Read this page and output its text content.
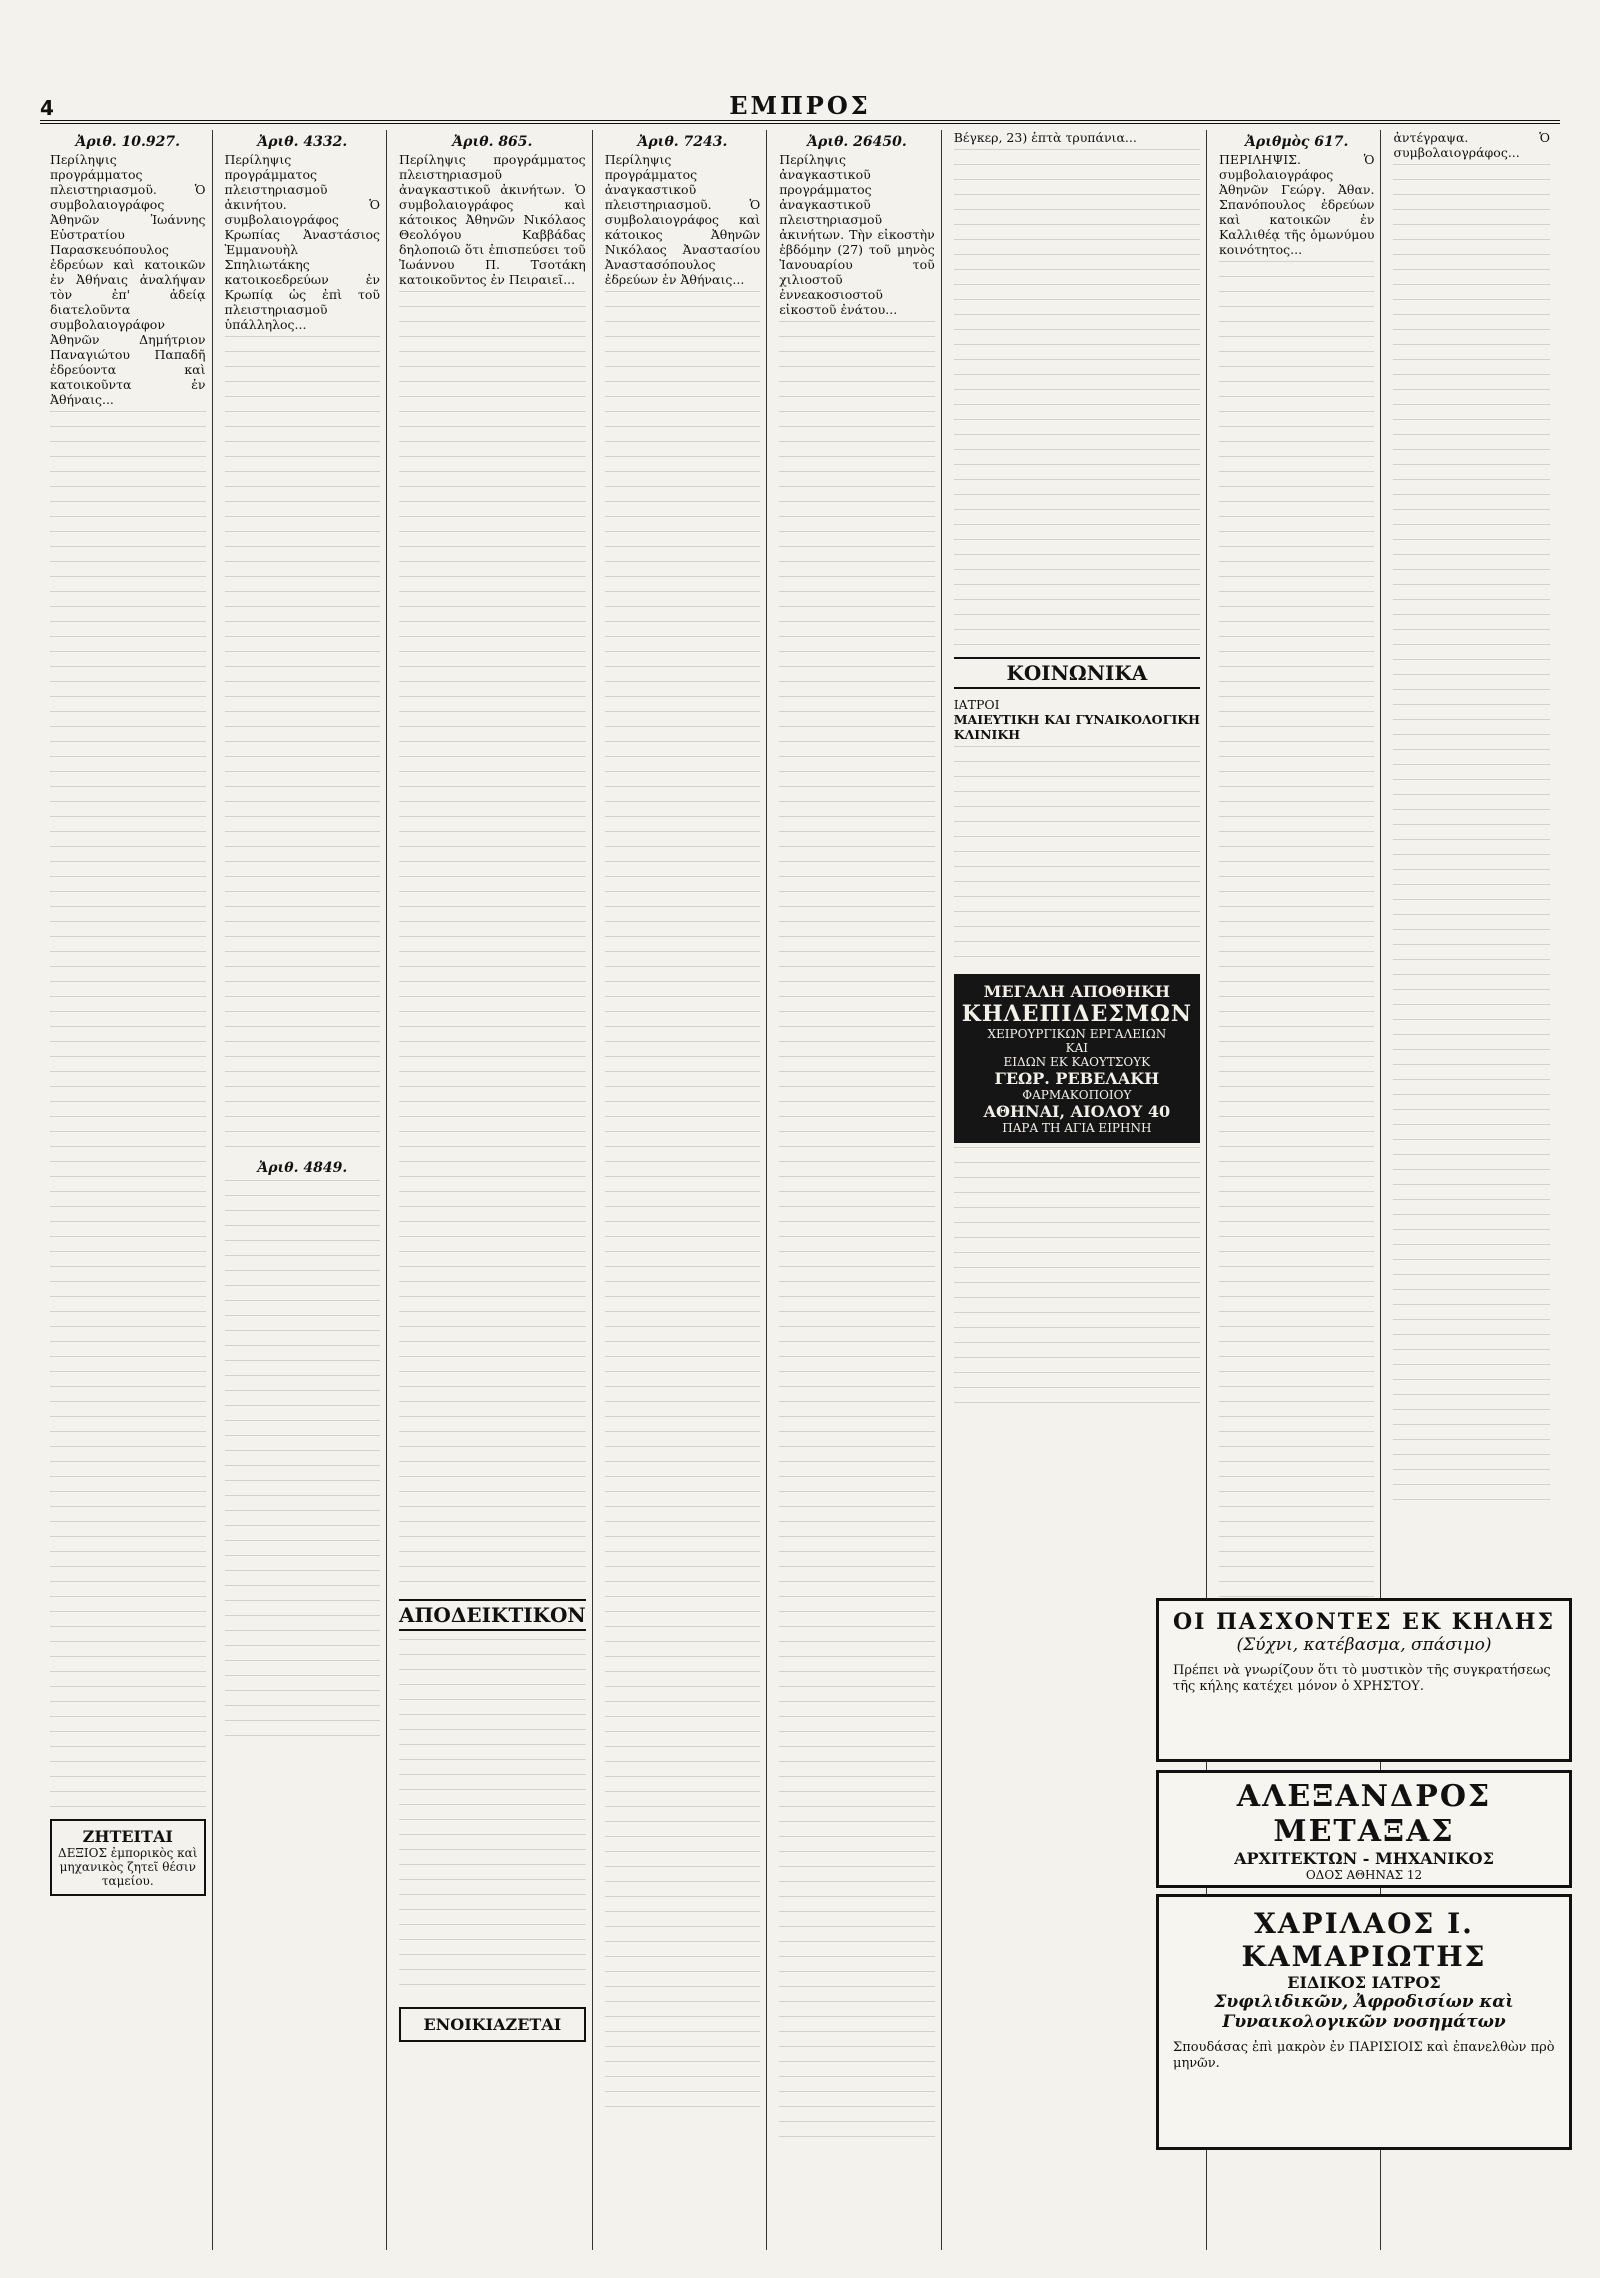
4	ΕΜΠΡΟΣ
Ἀριθ. 10.927.
Περίληψις προγράμματος πλειστηριασμοῦ. Ὁ συμβολαιογράφος Ἀθηνῶν Ἰωάννης Εὐστρατίου Παρασκευόπουλος ἐδρεύων καὶ κατοικῶν ἐν Ἀθήναις ἀναλήψαν τὸν ἐπ' ἀδείᾳ διατελοῦντα συμβολαιογράφον Ἀθηνῶν Δημήτριον Παναγιώτου Παπαδῆ ἐδρεύοντα καὶ κατοικοῦντα ἐν Ἀθήναις...
ΖΗΤΕΙΤΑΙ
ΔΕΞΙΟΣ ἐμπορικὸς καὶ μηχανικὸς ζητεῖ θέσιν ταμείου.
Ἀριθ. 4332.
Περίληψις προγράμματος πλειστηριασμοῦ ἀκινήτου. Ὁ συμβολαιογράφος Κρωπίας Ἀναστάσιος Ἐμμανουὴλ Σπηλιωτάκης κατοικοεδρεύων ἐν Κρωπίᾳ ὡς ἐπὶ τοῦ πλειστηριασμοῦ ὑπάλληλος...
Ἀριθ. 4849.
Ἀριθ. 865.
Περίληψις προγράμματος πλειστηριασμοῦ ἀναγκαστικοῦ ἀκινήτων. Ὁ συμβολαιογράφος καὶ κάτοικος Ἀθηνῶν Νικόλαος Θεολόγου Καββάδας δηλοποιῶ ὅτι ἐπισπεύσει τοῦ Ἰωάννου Π. Τσοτάκη κατοικοῦντος ἐν Πειραιεῖ...
ΑΠΟΔΕΙΚΤΙΚΟΝ
ΕΝΟΙΚΙΑΖΕΤΑΙ
Ἀριθ. 7243.
Περίληψις προγράμματος ἀναγκαστικοῦ πλειστηριασμοῦ. Ὁ συμβολαιογράφος καὶ κάτοικος Ἀθηνῶν Νικόλαος Ἀναστασίου Ἀναστασόπουλος ἐδρεύων ἐν Ἀθήναις...
Ἀριθ. 26450.
Περίληψις ἀναγκαστικοῦ προγράμματος ἀναγκαστικοῦ πλειστηριασμοῦ ἀκινήτων. Τὴν εἰκοστὴν ἑβδόμην (27) τοῦ μηνὸς Ἰανουαρίου τοῦ χιλιοστοῦ ἐννεακοσιοστοῦ εἰκοστοῦ ἐνάτου...
Βέγκερ, 23) ἑπτὰ τρυπάνια...
ΚΟΙΝΩΝΙΚΑ
ΙΑΤΡΟΙ
ΜΑΙΕΥΤΙΚΗ ΚΑΙ ΓΥΝΑΙΚΟΛΟΓΙΚΗ ΚΛΙΝΙΚΗ
ΜΕΓΑΛΗ ΑΠΟΘΗΚΗ
ΚΗΛΕΠΙΔΕΣΜΩΝ
ΧΕΙΡΟΥΡΓΙΚΩΝ ΕΡΓΑΛΕΙΩΝ
ΚΑΙ
ΕΙΔΩΝ ΕΚ ΚΑΟΥΤΣΟΥΚ
ΓΕΩΡ. ΡΕΒΕΛΑΚΗ
ΦΑΡΜΑΚΟΠΟΙΟΥ
ΑΘΗΝΑΙ, ΑΙΟΛΟΥ 40
ΠΑΡΑ ΤΗ ΑΓΙΑ ΕΙΡΗΝΗ
Ἀριθμὸς 617.
ΠΕΡΙΛΗΨΙΣ. Ὁ συμβολαιογράφος Ἀθηνῶν Γεώργ. Ἀθαν. Σπανόπουλος ἐδρεύων καὶ κατοικῶν ἐν Καλλιθέᾳ τῆς ὁμωνύμου κοινότητος...
ἀντέγραψα. Ὁ συμβολαιογράφος...
ΟΙ ΠΑΣΧΟΝΤΕΣ ΕΚ ΚΗΛΗΣ
(Σύχνι, κατέβασμα, σπάσιμο)
Πρέπει νὰ γνωρίζουν ὅτι τὸ μυστικὸν τῆς συγκρατήσεως τῆς κήλης κατέχει μόνον ὁ ΧΡΗΣΤΟΥ.
ΑΛΕΞΑΝΔΡΟΣ ΜΕΤΑΞΑΣ
ΑΡΧΙΤΕΚΤΩΝ - ΜΗΧΑΝΙΚΟΣ
ΟΔΟΣ ΑΘΗΝΑΣ 12
ΧΑΡΙΛΑΟΣ Ι. ΚΑΜΑΡΙΩΤΗΣ
ΕΙΔΙΚΟΣ ΙΑΤΡΟΣ
Συφιλιδικῶν, Ἀφροδισίων καὶ Γυναικολογικῶν νοσημάτων
Σπουδάσας ἐπὶ μακρὸν ἐν ΠΑΡΙΣΙΟΙΣ καὶ ἐπανελθὼν πρὸ μηνῶν.
